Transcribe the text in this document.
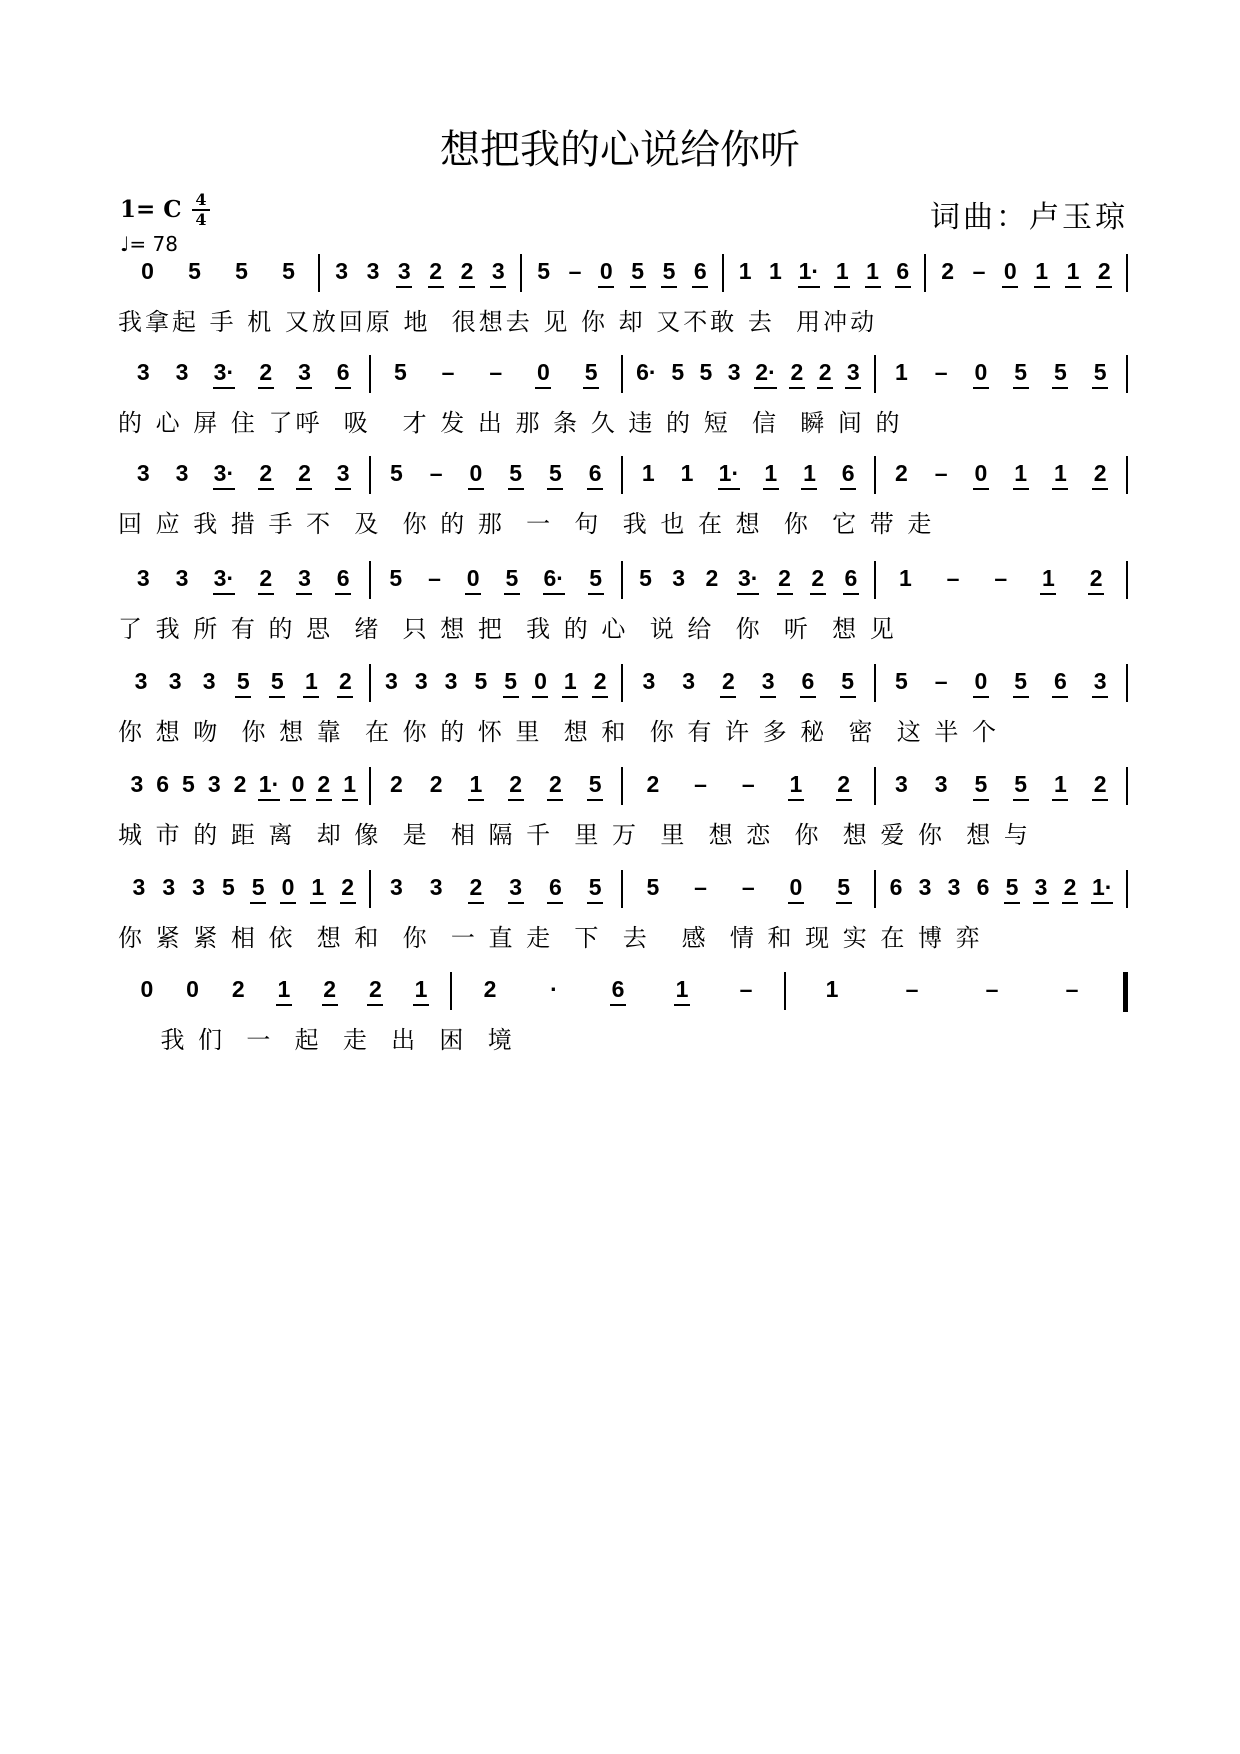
想把我的心说给你听
1= C 4
4
♩= 78
词曲：卢玉琼
0 5 5 5 3 3 3 2 2 3 5 – 0 5 5 6 1 1 1· 1 1 6 2 – 0 1 1 2
我拿起 手 机 又放回原 地  很想去 见 你 却 又不敢 去  用冲动
3 3 3· 2 3 6 5 – – 0 5 6· 5 5 3 2· 2 2 3 1 – 0 5 5 5
的 心 屏 住 了呼  吸   才 发 出 那 条 久 违 的 短  信  瞬 间 的
3 3 3· 2 2 3 5 – 0 5 5 6 1 1 1· 1 1 6 2 – 0 1 1 2
回 应 我 措 手 不  及  你 的 那  一  句  我 也 在 想  你  它 带 走
3 3 3· 2 3 6 5 – 0 5 6· 5 5 3 2 3· 2 2 6 1 – – 1 2
了 我 所 有 的 思  绪  只 想 把  我 的 心  说 给  你  听  想 见
3 3 3 5 5 1 2 3 3 3 5 5 0 1 2 3 3 2 3 6 5 5 – 0 5 6 3
你 想 吻  你 想 靠  在 你 的 怀 里  想 和  你 有 许 多 秘  密  这 半 个
3 6 5 3 2 1· 0 2 1 2 2 1 2 2 5 2 – – 1 2 3 3 5 5 1 2
城 市 的 距 离  却 像  是  相 隔 千  里 万  里  想 恋  你  想 爱 你  想 与
3 3 3 5 5 0 1 2 3 3 2 3 6 5 5 – – 0 5 6 3 3 6 5 3 2 1·
你 紧 紧 相 依  想 和  你  一 直 走  下  去   感  情 和 现 实 在 博 弈
0 0 2 1 2 2 1 2 · 6 1 –	1	–	–	–
我 们  一  起  走  出  困  境
